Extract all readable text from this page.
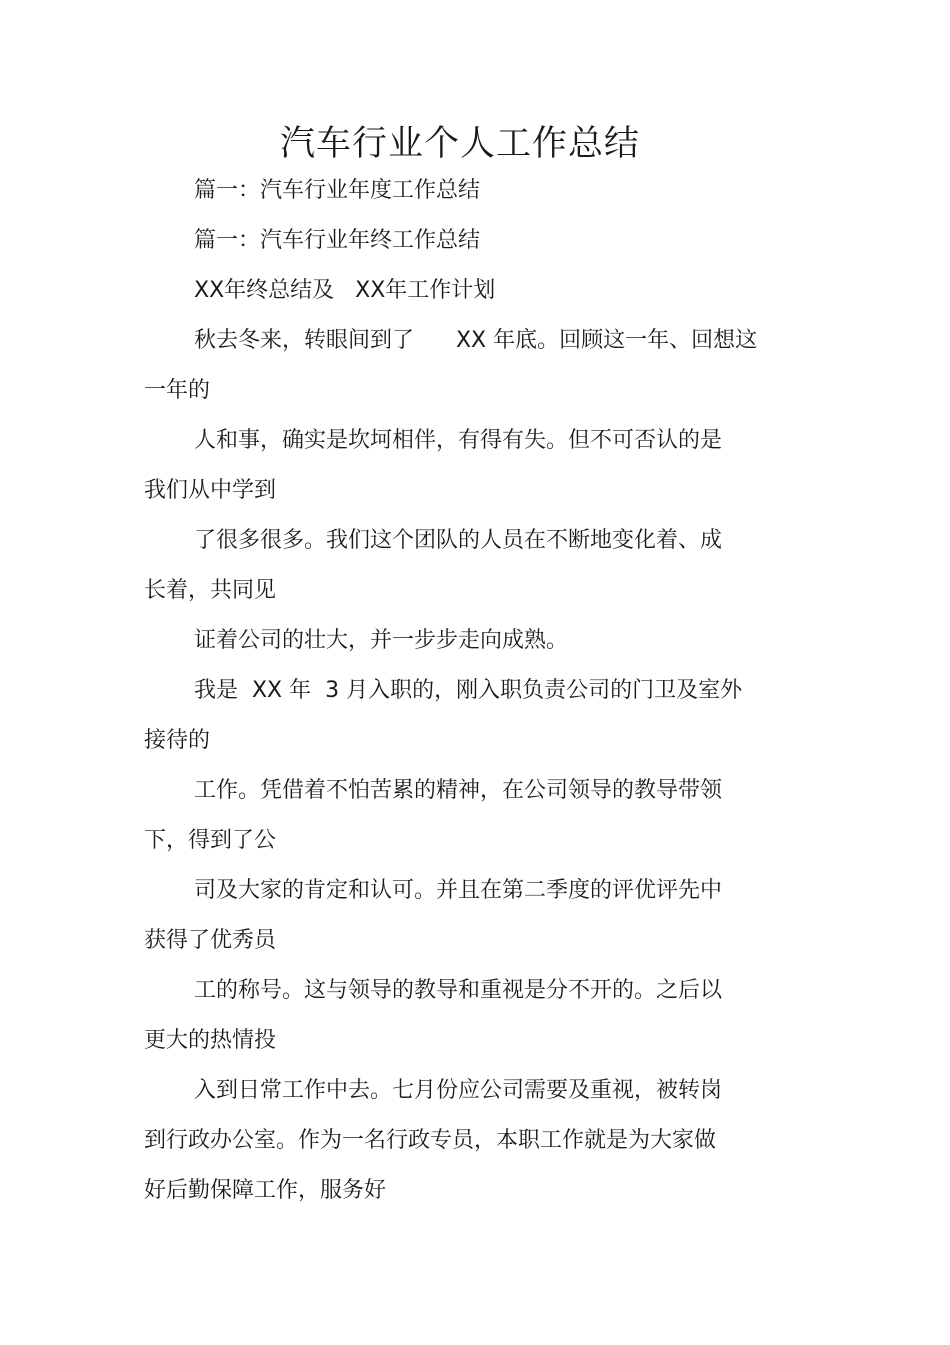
汽车行业个人工作总结

篇一：汽车行业年度工作总结

篇一：汽车行业年终工作总结

XX年终总结及   XX年工作计划

秋去冬来，转眼间到了      XX 年底。回顾这一年、回想这

一年的

人和事，确实是坎坷相伴，有得有失。但不可否认的是

我们从中学到

了很多很多。我们这个团队的人员在不断地变化着、成

长着，共同见

证着公司的壮大，并一步步走向成熟。

我是  XX 年  3 月入职的，刚入职负责公司的门卫及室外

接待的

工作。凭借着不怕苦累的精神，在公司领导的教导带领

下，得到了公

司及大家的肯定和认可。并且在第二季度的评优评先中

获得了优秀员

工的称号。这与领导的教导和重视是分不开的。之后以

更大的热情投

入到日常工作中去。七月份应公司需要及重视，被转岗

到行政办公室。作为一名行政专员，本职工作就是为大家做

好后勤保障工作，服务好
